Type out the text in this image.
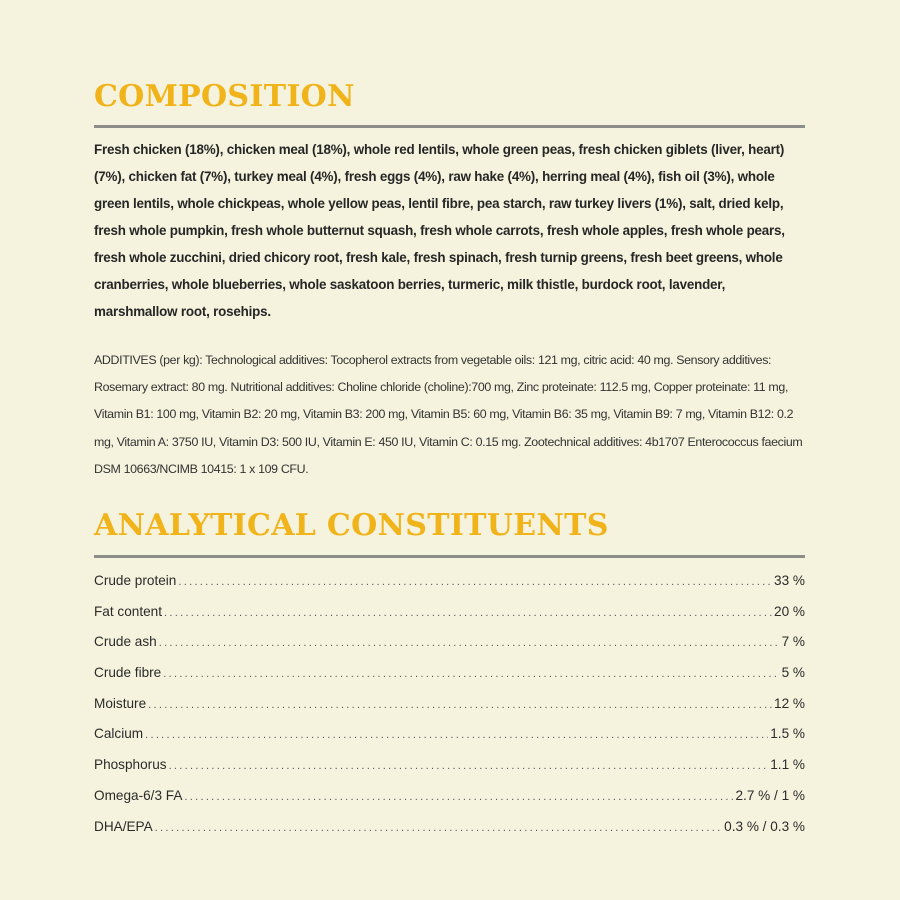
COMPOSITION

Fresh chicken (18%), chicken meal (18%), whole red lentils, whole green peas, fresh chicken giblets (liver, heart) (7%), chicken fat (7%), turkey meal (4%), fresh eggs (4%), raw hake (4%), herring meal (4%), fish oil (3%), whole green lentils, whole chickpeas, whole yellow peas, lentil fibre, pea starch, raw turkey livers (1%), salt, dried kelp, fresh whole pumpkin, fresh whole butternut squash, fresh whole carrots, fresh whole apples, fresh whole pears, fresh whole zucchini, dried chicory root, fresh kale, fresh spinach, fresh turnip greens, fresh beet greens, whole cranberries, whole blueberries, whole saskatoon berries, turmeric, milk thistle, burdock root, lavender, marshmallow root, rosehips.

ADDITIVES (per kg): Technological additives: Tocopherol extracts from vegetable oils: 121 mg, citric acid: 40 mg. Sensory additives: Rosemary extract: 80 mg. Nutritional additives: Choline chloride (choline):700 mg, Zinc proteinate: 112.5 mg, Copper proteinate: 11 mg, Vitamin B1: 100 mg, Vitamin B2: 20 mg, Vitamin B3: 200 mg, Vitamin B5: 60 mg, Vitamin B6: 35 mg, Vitamin B9: 7 mg, Vitamin B12: 0.2 mg, Vitamin A: 3750 IU, Vitamin D3: 500 IU, Vitamin E: 450 IU, Vitamin C: 0.15 mg. Zootechnical additives: 4b1707 Enterococcus faecium DSM 10663/NCIMB 10415: 1 x 109 CFU.

ANALYTICAL CONSTITUENTS
Crude protein .....	33 %
Fat content .....	20 %
Crude ash .....	7 %
Crude fibre .....	5 %
Moisture .....	12 %
Calcium .....	1.5 %
Phosphorus .....	1.1 %
Omega-6/3 FA .....	2.7 % / 1 %
DHA/EPA .....	0.3 % / 0.3 %
